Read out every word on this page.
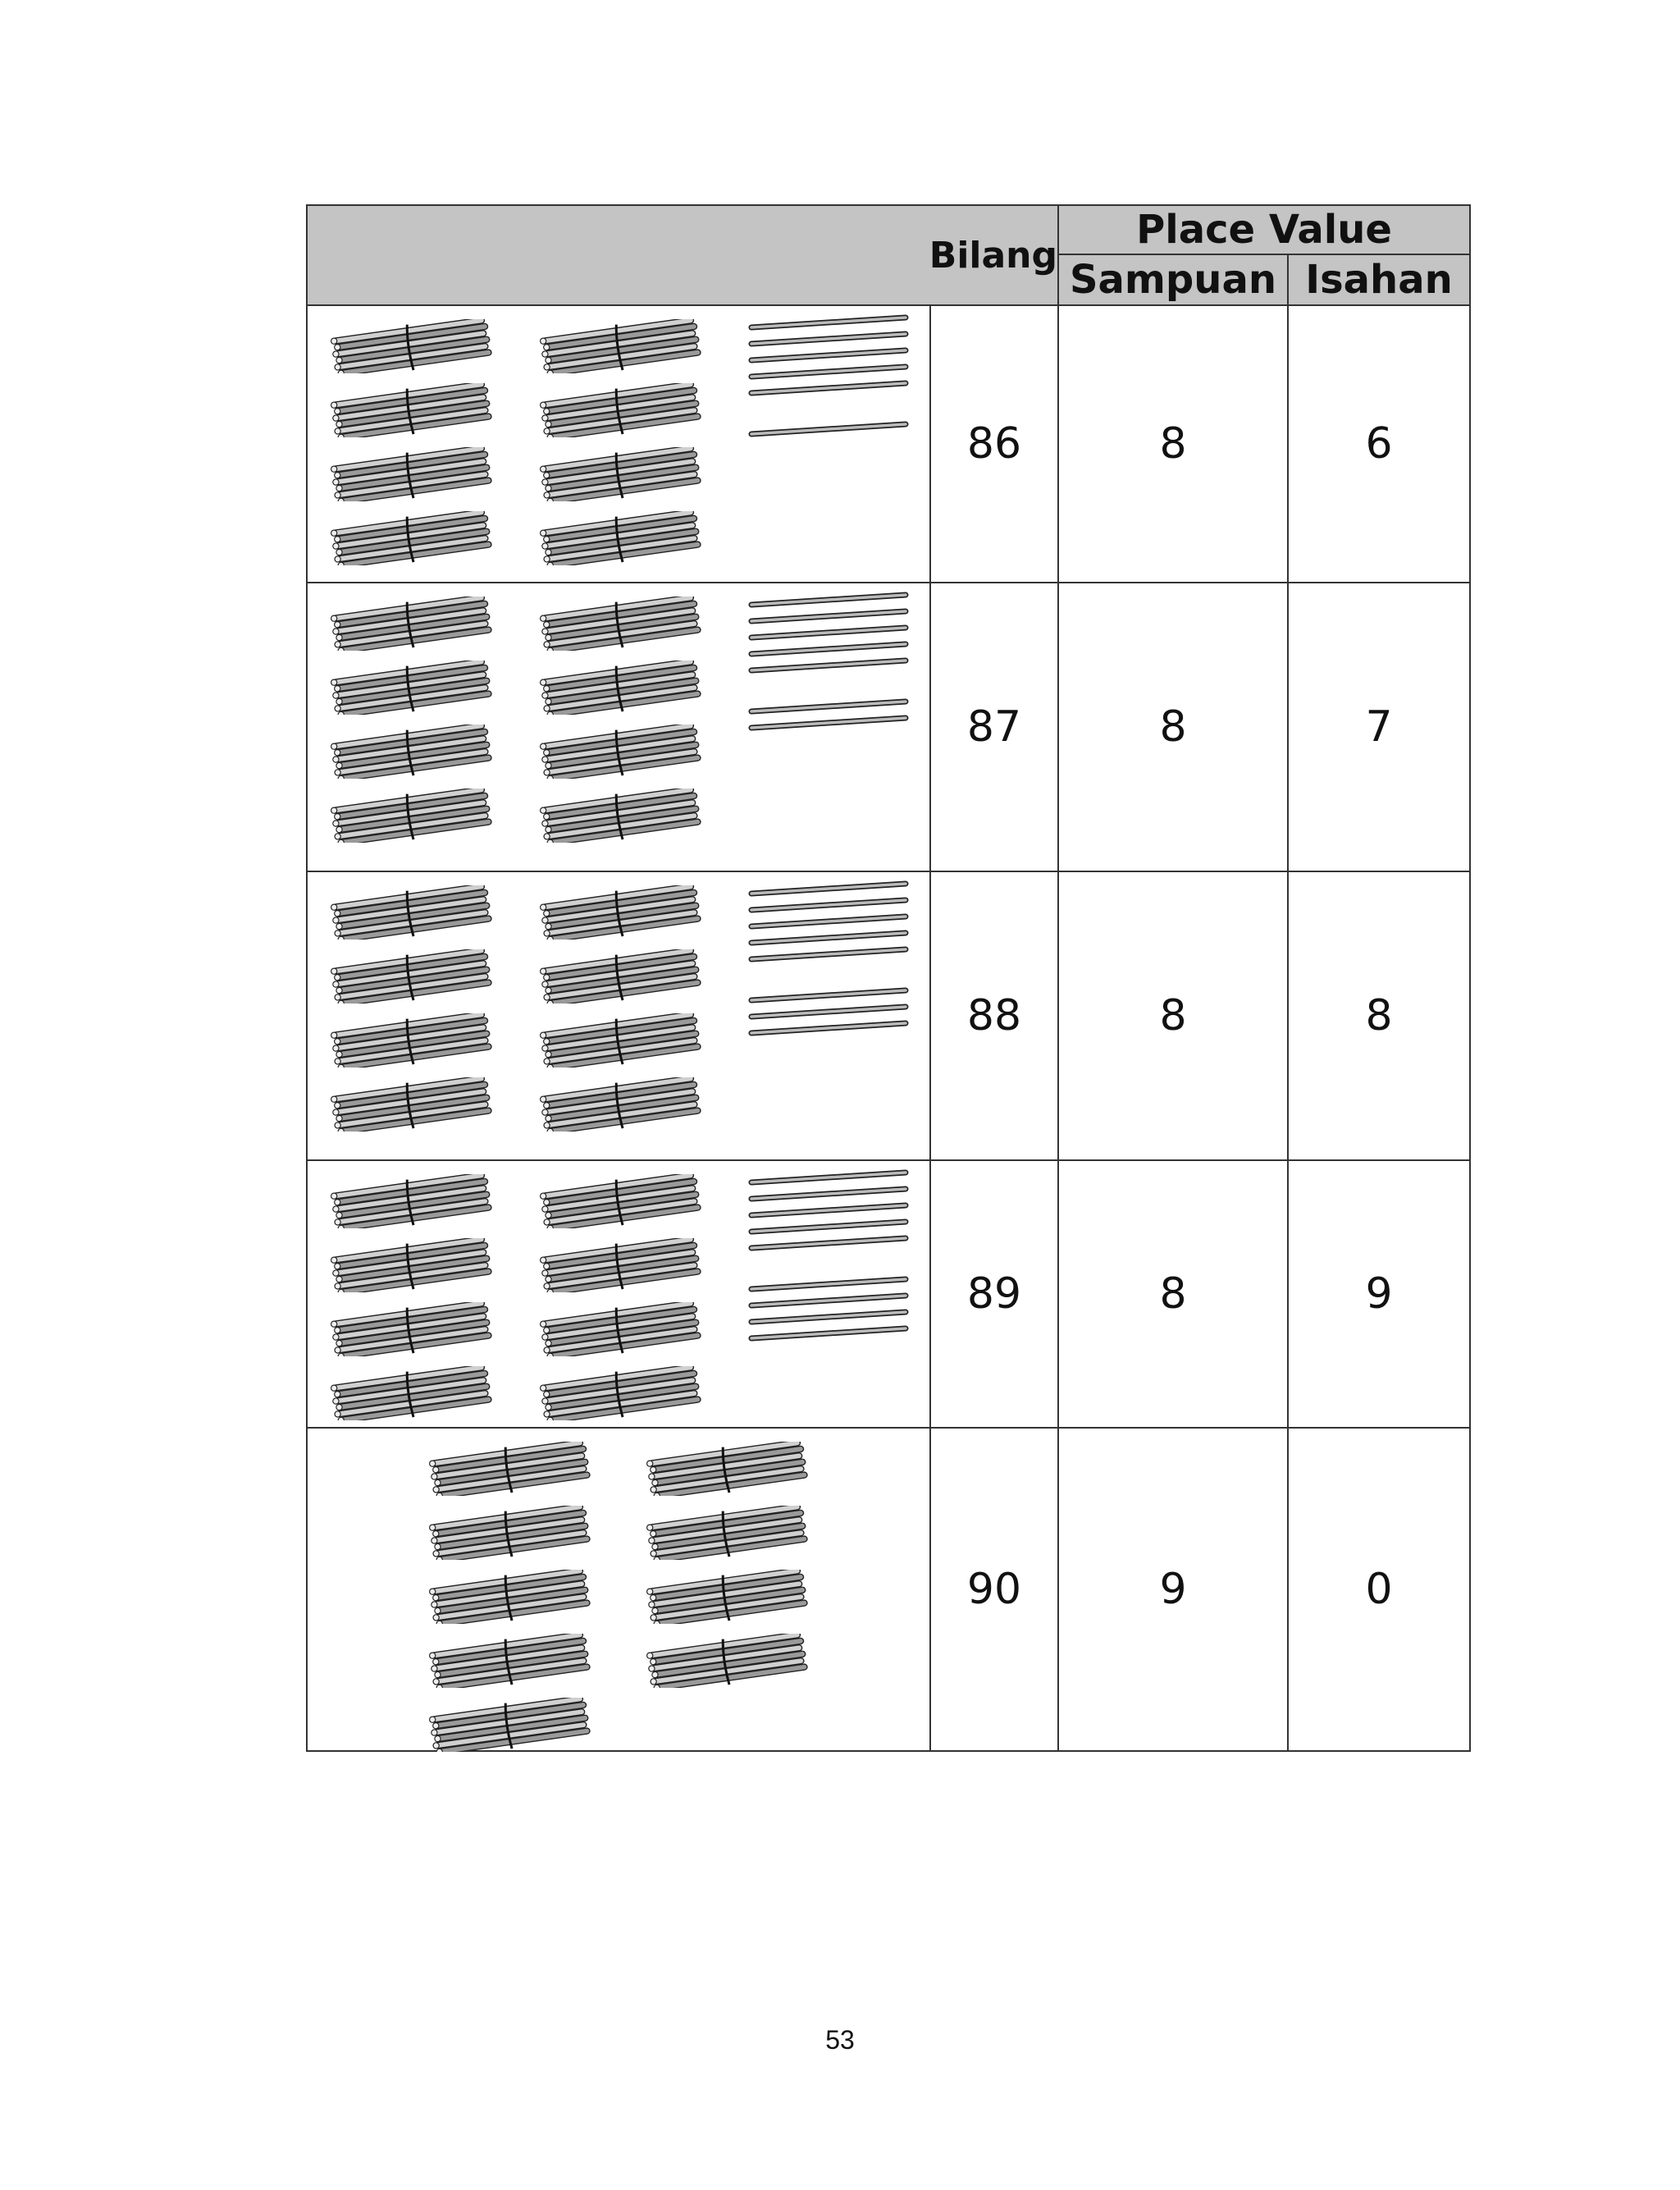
Bilang		Place Value	
		Sampuan	Isahan

	86	8	6

	87	8	7

	88	8	8

	89	8	9

	90	9	0
53
